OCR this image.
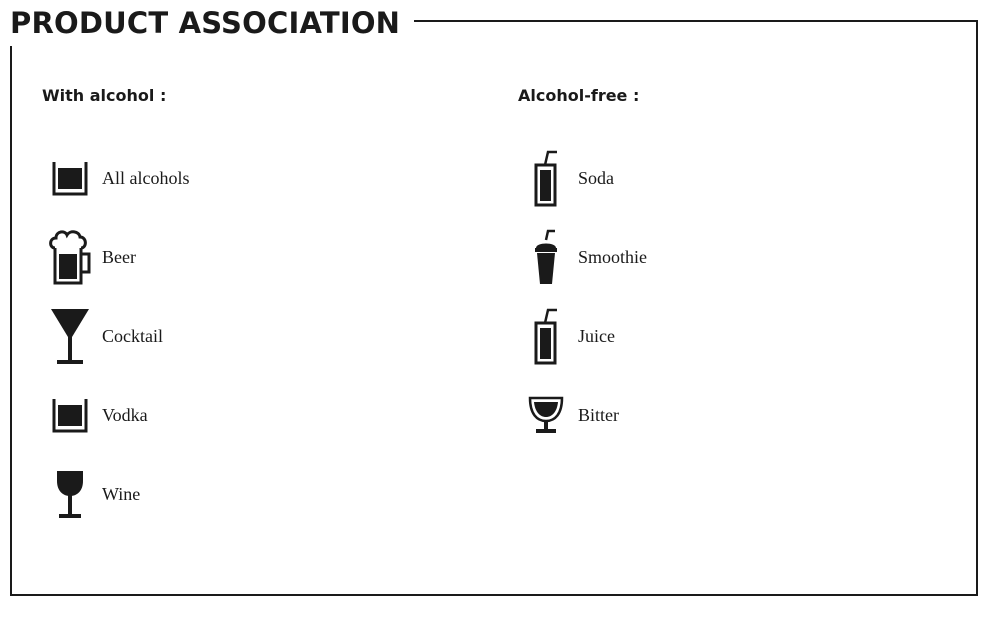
PRODUCT ASSOCIATION
With alcohol :
All alcohols
Beer
Cocktail
Vodka
Wine
Alcohol-free :
Soda
Smoothie
Juice
Bitter
